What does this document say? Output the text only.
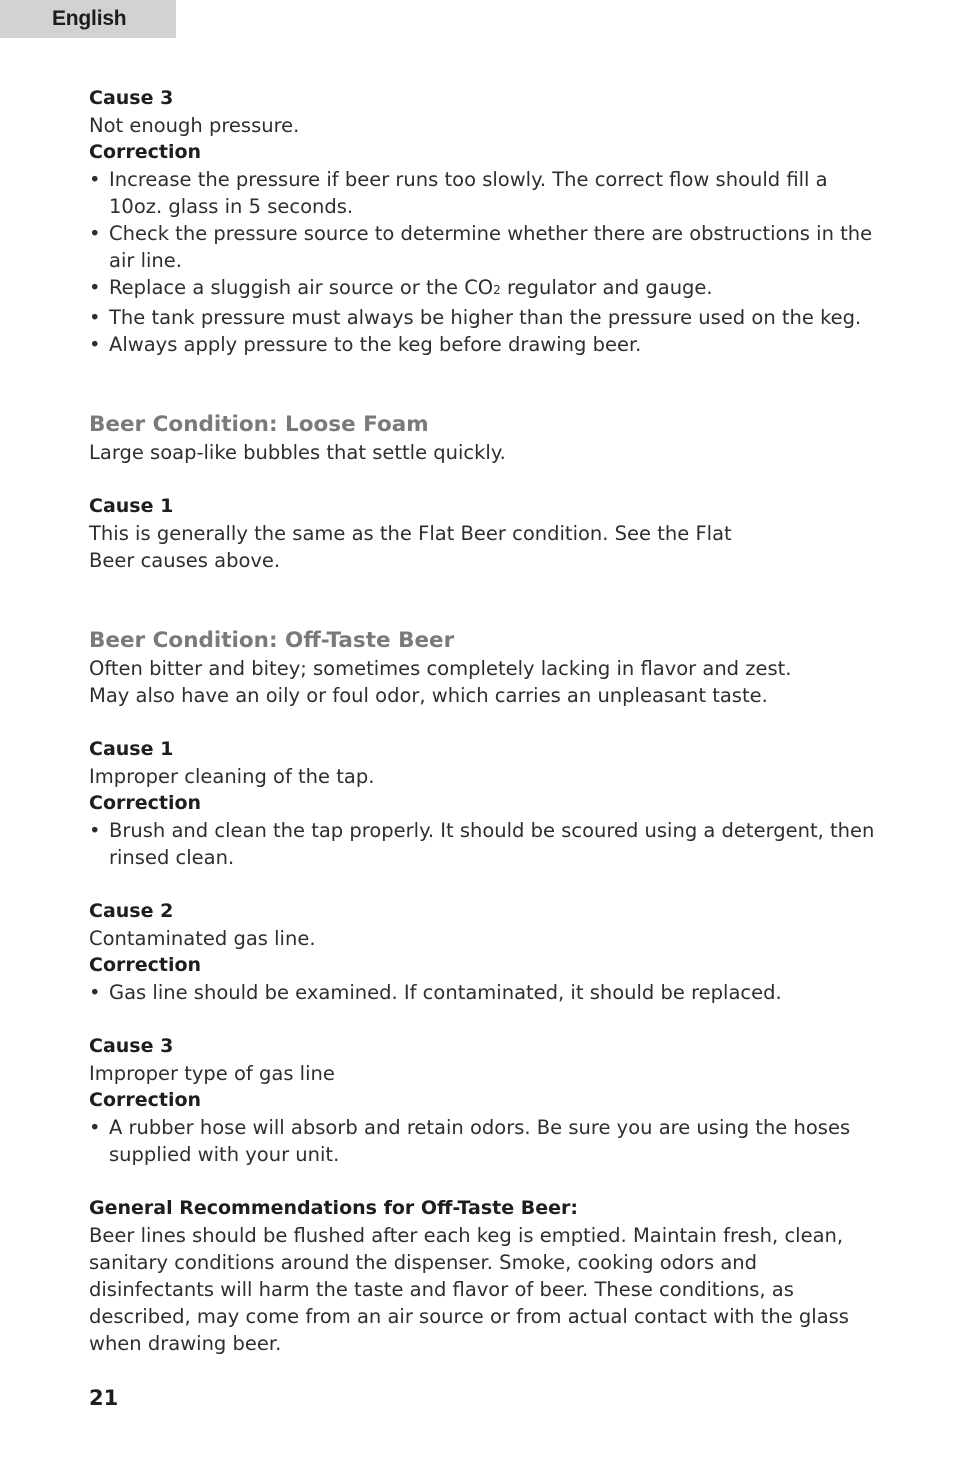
English
Cause 3
Not enough pressure.
Correction
• Increase the pressure if beer runs too slowly. The correct flow should fill a 10oz. glass in 5 seconds.
• Check the pressure source to determine whether there are obstructions in the air line.
• Replace a sluggish air source or the CO2 regulator and gauge.
• The tank pressure must always be higher than the pressure used on the keg.
• Always apply pressure to the keg before drawing beer.
Beer Condition: Loose Foam
Large soap-like bubbles that settle quickly.
Cause 1
This is generally the same as the Flat Beer condition. See the Flat Beer causes above.
Beer Condition: Off-Taste Beer
Often bitter and bitey; sometimes completely lacking in flavor and zest. May also have an oily or foul odor, which carries an unpleasant taste.
Cause 1
Improper cleaning of the tap.
Correction
• Brush and clean the tap properly. It should be scoured using a detergent, then rinsed clean.
Cause 2
Contaminated gas line.
Correction
• Gas line should be examined. If contaminated, it should be replaced.
Cause 3
Improper type of gas line
Correction
• A rubber hose will absorb and retain odors. Be sure you are using the hoses supplied with your unit.
General Recommendations for Off-Taste Beer:
Beer lines should be flushed after each keg is emptied. Maintain fresh, clean, sanitary conditions around the dispenser. Smoke, cooking odors and disinfectants will harm the taste and flavor of beer. These conditions, as described, may come from an air source or from actual contact with the glass when drawing beer.
21
